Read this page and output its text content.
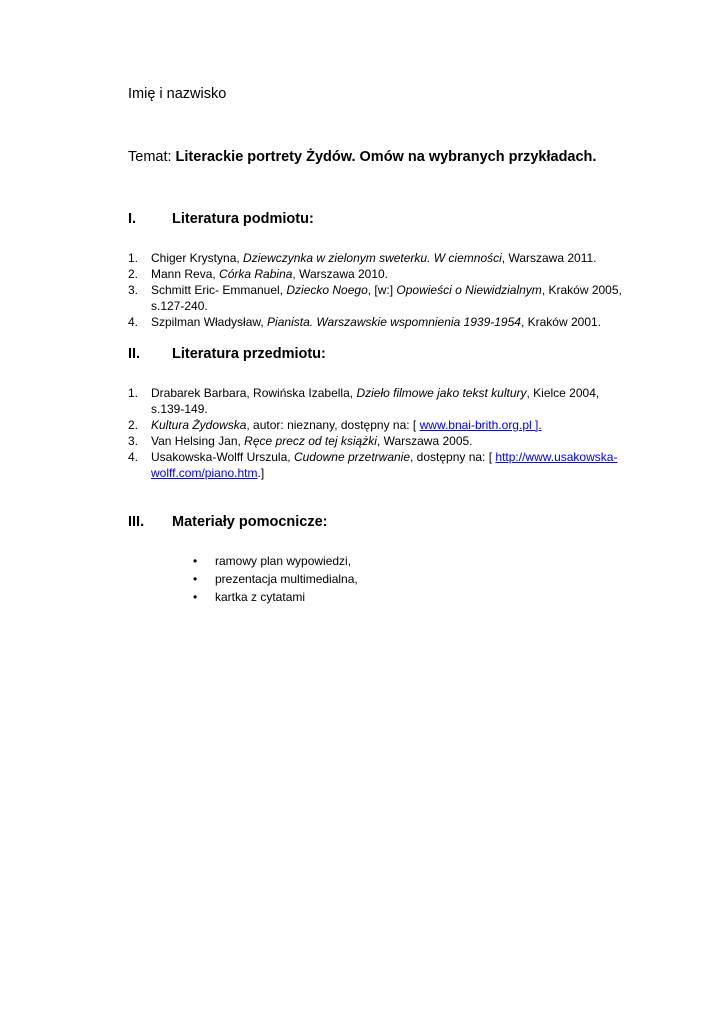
Imię i nazwisko
Temat: Literackie portrety Żydów. Omów na wybranych przykładach.
I. Literatura podmiotu:
1. Chiger Krystyna, Dziewczynka w zielonym sweterku. W ciemności, Warszawa 2011.
2. Mann Reva, Córka Rabina, Warszawa 2010.
3. Schmitt Eric- Emmanuel, Dziecko Noego, [w:] Opowieści o Niewidzialnym, Kraków 2005, s.127-240.
4. Szpilman Władysław, Pianista. Warszawskie wspomnienia 1939-1954, Kraków 2001.
II. Literatura przedmiotu:
1. Drabarek Barbara, Rowińska Izabella, Dzieło filmowe jako tekst kultury, Kielce 2004, s.139-149.
2. Kultura Żydowska, autor: nieznany, dostępny na: [ www.bnai-brith.org.pl ].
3. Van Helsing Jan, Ręce precz od tej książki, Warszawa 2005.
4. Usakowska-Wolff Urszula, Cudowne przetrwanie, dostępny na: [ http://www.usakowska-wolff.com/piano.htm.]
III. Materiały pomocnicze:
• ramowy plan wypowiedzi,
• prezentacja multimedialna,
• kartka z cytatami
